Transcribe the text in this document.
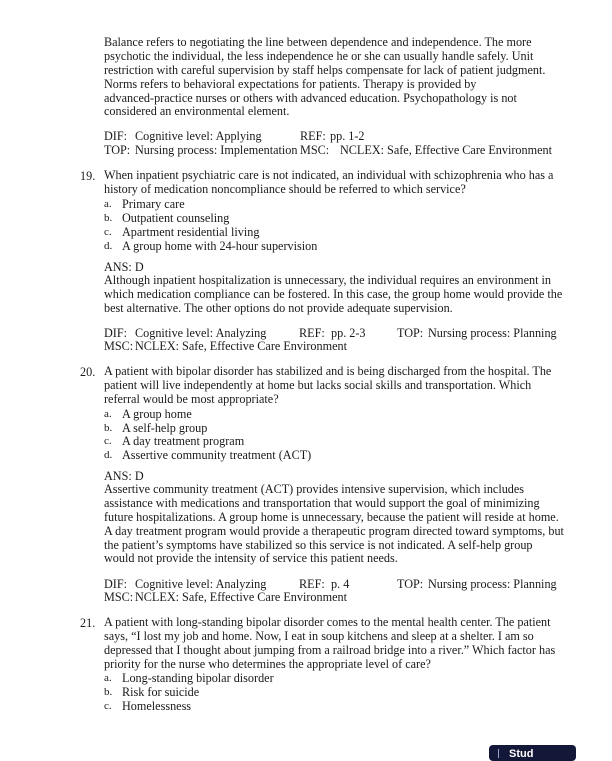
Balance refers to negotiating the line between dependence and independence. The more
psychotic the individual, the less independence he or she can usually handle safely. Unit
restriction with careful supervision by staff helps compensate for lack of patient judgment.
Norms refers to behavioral expectations for patients. Therapy is provided by
advanced-practice nurses or others with advanced education. Psychopathology is not
considered an environmental element.
DIF: Cognitive level: Applying	REF: pp. 1-2
TOP: Nursing process: Implementation MSC: NCLEX: Safe, Effective Care Environment
19. When inpatient psychiatric care is not indicated, an individual with schizophrenia who has a
history of medication noncompliance should be referred to which service?
a. Primary care
b. Outpatient counseling
c. Apartment residential living
d. A group home with 24-hour supervision
ANS: D
Although inpatient hospitalization is unnecessary, the individual requires an environment in
which medication compliance can be fostered. In this case, the group home would provide the
best alternative. The other options do not provide adequate supervision.
DIF: Cognitive level: Analyzing	REF: pp. 2-3	TOP: Nursing process: Planning
MSC: NCLEX: Safe, Effective Care Environment
20. A patient with bipolar disorder has stabilized and is being discharged from the hospital. The
patient will live independently at home but lacks social skills and transportation. Which
referral would be most appropriate?
a. A group home
b. A self-help group
c. A day treatment program
d. Assertive community treatment (ACT)
ANS: D
Assertive community treatment (ACT) provides intensive supervision, which includes
assistance with medications and transportation that would support the goal of minimizing
future hospitalizations. A group home is unnecessary, because the patient will reside at home.
A day treatment program would provide a therapeutic program directed toward symptoms, but
the patient’s symptoms have stabilized so this service is not indicated. A self-help group
would not provide the intensity of service this patient needs.
DIF: Cognitive level: Analyzing	REF: p. 4	TOP: Nursing process: Planning
MSC: NCLEX: Safe, Effective Care Environment
21. A patient with long-standing bipolar disorder comes to the mental health center. The patient
says, “I lost my job and home. Now, I eat in soup kitchens and sleep at a shelter. I am so
depressed that I thought about jumping from a railroad bridge into a river.” Which factor has
priority for the nurse who determines the appropriate level of care?
a. Long-standing bipolar disorder
b. Risk for suicide
c. Homelessness
Stud
